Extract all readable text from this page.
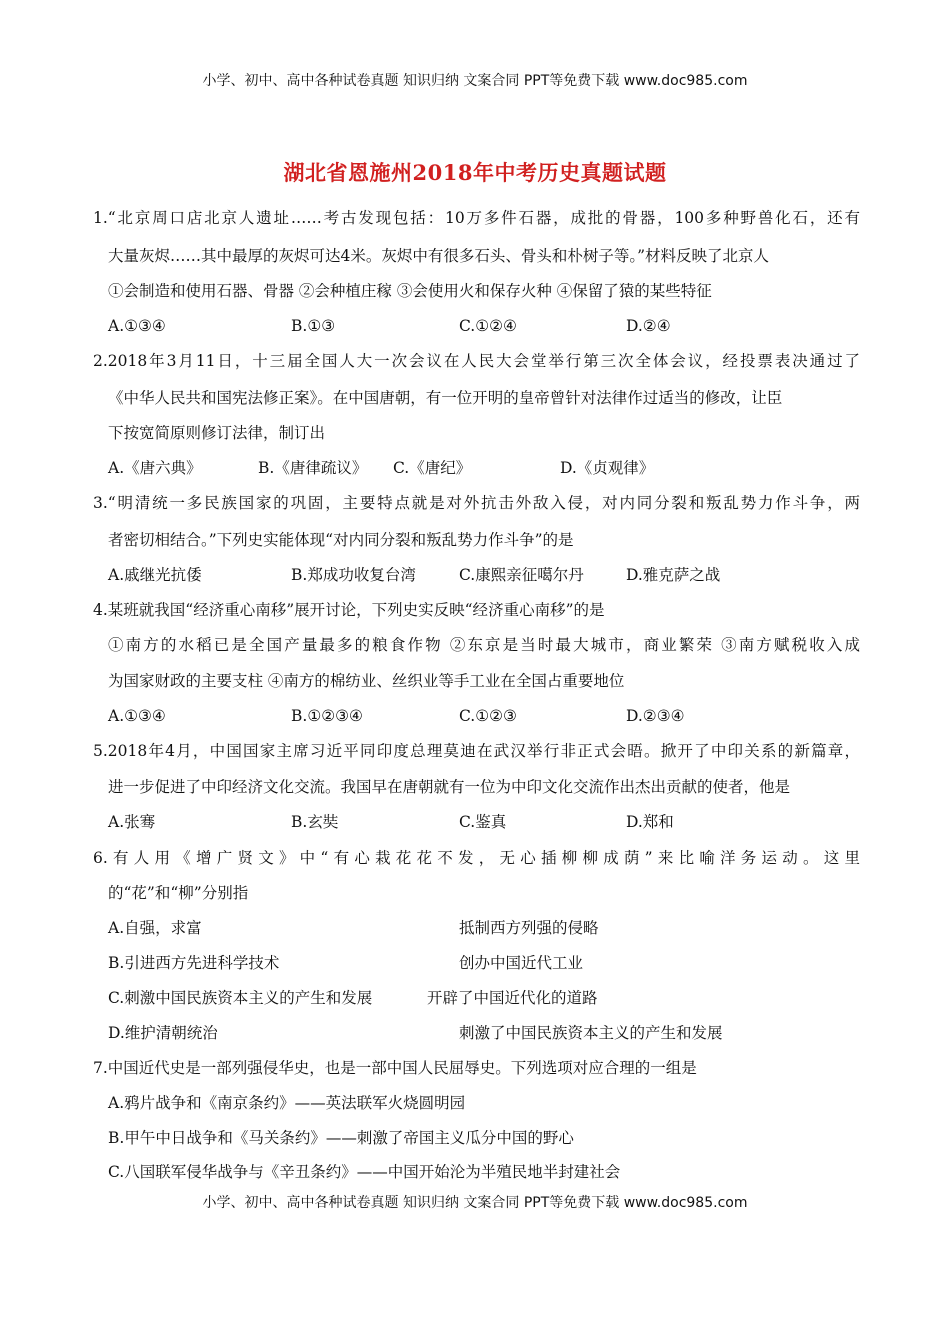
小学、初中、高中各种试卷真题 知识归纳 文案合同 PPT等免费下载 www.doc985.com
湖北省恩施州2018年中考历史真题试题
1.“北京周口店北京人遗址……考古发现包括：10万多件石器，成批的骨器，100多种野兽化石，还有
大量灰烬……其中最厚的灰烬可达4米。灰烬中有很多石头、骨头和朴树子等。”材料反映了北京人
①会制造和使用石器、骨器 ②会种植庄稼 ③会使用火和保存火种 ④保留了猿的某些特征
A.①③④	B.①③	C.①②④	D.②④
2.2018年3月11日，十三届全国人大一次会议在人民大会堂举行第三次全体会议，经投票表决通过了
《中华人民共和国宪法修正案》。在中国唐朝，有一位开明的皇帝曾针对法律作过适当的修改，让臣
下按宽简原则修订法律，制订出
A.《唐六典》	B.《唐律疏议》 C.《唐纪》	D.《贞观律》
3.“明清统一多民族国家的巩固，主要特点就是对外抗击外敌入侵，对内同分裂和叛乱势力作斗争，两
者密切相结合。”下列史实能体现“对内同分裂和叛乱势力作斗争”的是
A.戚继光抗倭	B.郑成功收复台湾	C.康熙亲征噶尔丹	D.雅克萨之战
4.某班就我国“经济重心南移”展开讨论，下列史实反映“经济重心南移”的是
①南方的水稻已是全国产量最多的粮食作物 ②东京是当时最大城市，商业繁荣 ③南方赋税收入成
为国家财政的主要支柱 ④南方的棉纺业、丝织业等手工业在全国占重要地位
A.①③④	B.①②③④	C.①②③	D.②③④
5.2018年4月，中国国家主席习近平同印度总理莫迪在武汉举行非正式会晤。掀开了中印关系的新篇章，
进一步促进了中印经济文化交流。我国早在唐朝就有一位为中印文化交流作出杰出贡献的使者，他是
A.张骞	B.玄奘	C.鉴真	D.郑和
6.有人用《增广贤文》中“有心栽花花不发，无心插柳柳成荫”来比喻洋务运动。这里
的“花”和“柳”分别指
A.自强，求富	抵制西方列强的侵略
B.引进西方先进科学技术	创办中国近代工业
C.刺激中国民族资本主义的产生和发展	开辟了中国近代化的道路
D.维护清朝统治	刺激了中国民族资本主义的产生和发展
7.中国近代史是一部列强侵华史，也是一部中国人民屈辱史。下列选项对应合理的一组是
A.鸦片战争和《南京条约》——英法联军火烧圆明园
B.甲午中日战争和《马关条约》——刺激了帝国主义瓜分中国的野心
C.八国联军侵华战争与《辛丑条约》——中国开始沦为半殖民地半封建社会
小学、初中、高中各种试卷真题 知识归纳 文案合同 PPT等免费下载 www.doc985.com
